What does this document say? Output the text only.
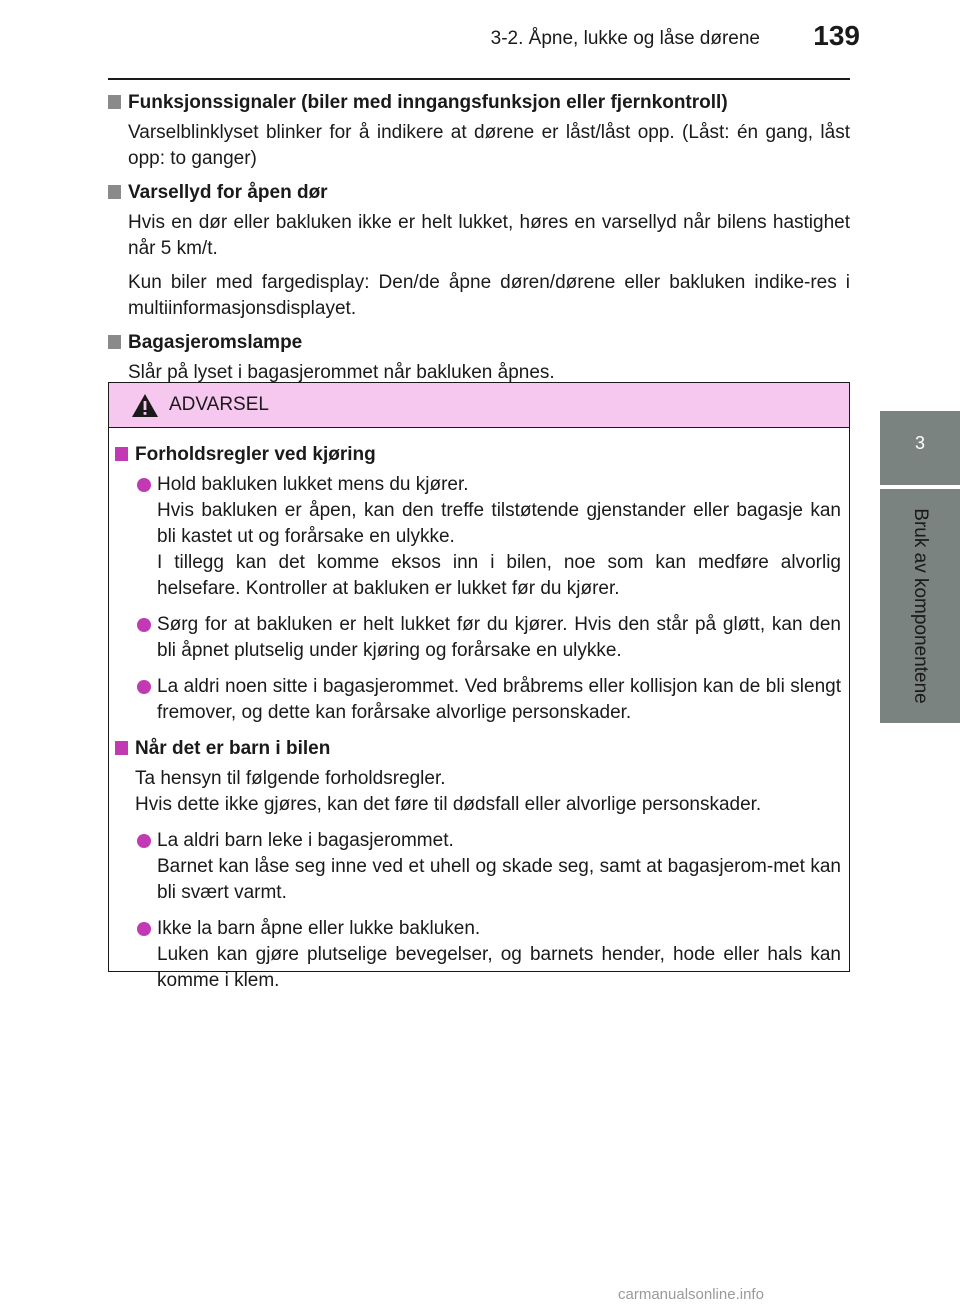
3-2. Åpne, lukke og låse dørene	139
3
Bruk av komponentene

Funksjonssignaler (biler med inngangsfunksjon eller fjernkontroll)

Varselblinklyset blinker for å indikere at dørene er låst/låst opp. (Låst: én gang, låst opp: to ganger)

Varsellyd for åpen dør

Hvis en dør eller bakluken ikke er helt lukket, høres en varsellyd når bilens hastighet når 5 km/t.

Kun biler med fargedisplay: Den/de åpne døren/dørene eller bakluken indike-res i multiinformasjonsdisplayet.

Bagasjeromslampe

Slår på lyset i bagasjerommet når bakluken åpnes.

ADVARSEL

Forholdsregler ved kjøring

Hold bakluken lukket mens du kjører.
Hvis bakluken er åpen, kan den treffe tilstøtende gjenstander eller bagasje kan bli kastet ut og forårsake en ulykke.
I tillegg kan det komme eksos inn i bilen, noe som kan medføre alvorlig helsefare. Kontroller at bakluken er lukket før du kjører.
Sørg for at bakluken er helt lukket før du kjører. Hvis den står på gløtt, kan den bli åpnet plutselig under kjøring og forårsake en ulykke.
La aldri noen sitte i bagasjerommet. Ved bråbrems eller kollisjon kan de bli slengt fremover, og dette kan forårsake alvorlige personskader.

Når det er barn i bilen

Ta hensyn til følgende forholdsregler.
Hvis dette ikke gjøres, kan det føre til dødsfall eller alvorlige personskader.
La aldri barn leke i bagasjerommet.
Barnet kan låse seg inne ved et uhell og skade seg, samt at bagasjerom-met kan bli svært varmt.
Ikke la barn åpne eller lukke bakluken.
Luken kan gjøre plutselige bevegelser, og barnets hender, hode eller hals kan komme i klem.
carmanualsonline.info
